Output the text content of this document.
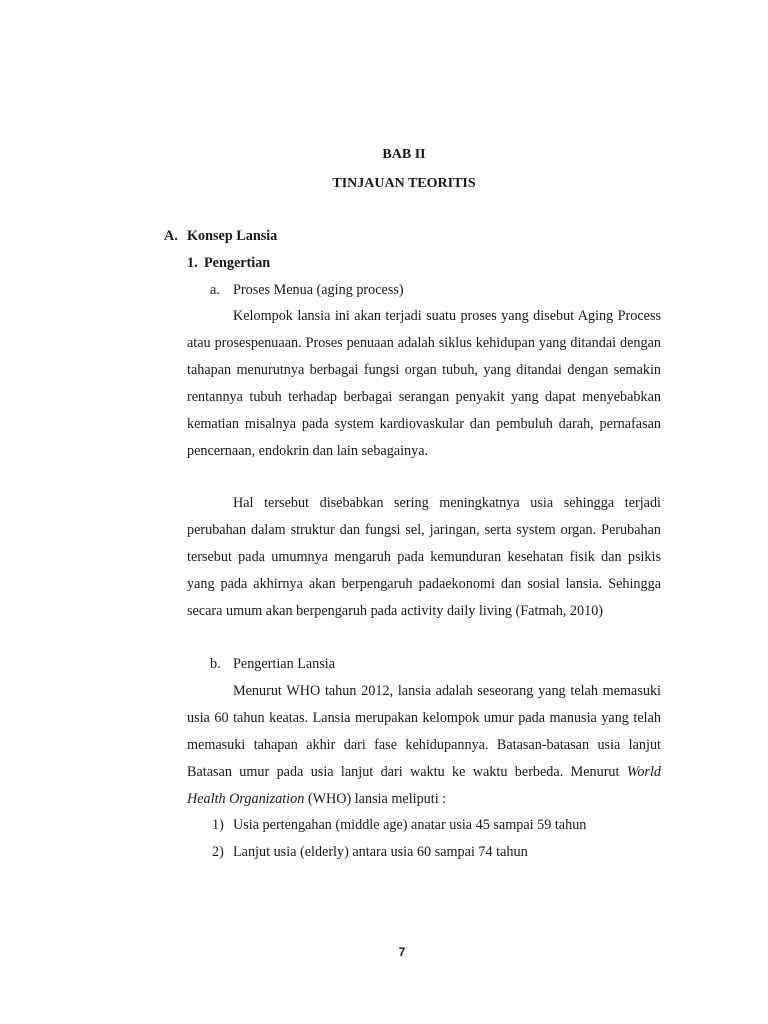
BAB II
TINJAUAN TEORITIS
A. Konsep Lansia
1. Pengertian
a. Proses Menua (aging process)

Kelompok lansia ini akan terjadi suatu proses yang disebut Aging Process atau prosespenuaan. Proses penuaan adalah siklus kehidupan yang ditandai dengan tahapan menurutnya berbagai fungsi organ tubuh, yang ditandai dengan semakin rentannya tubuh terhadap berbagai serangan penyakit yang dapat menyebabkan kematian misalnya pada system kardiovaskular dan pembuluh darah, pernafasan pencernaan, endokrin dan lain sebagainya.

Hal tersebut disebabkan sering meningkatnya usia sehingga terjadi perubahan dalam struktur dan fungsi sel, jaringan, serta system organ. Perubahan tersebut pada umumnya mengaruh pada kemunduran kesehatan fisik dan psikis yang pada akhirnya akan berpengaruh padaekonomi dan sosial lansia. Sehingga secara umum akan berpengaruh pada activity daily living (Fatmah, 2010)

b. Pengertian Lansia

Menurut WHO tahun 2012, lansia adalah seseorang yang telah memasuki usia 60 tahun keatas. Lansia merupakan kelompok umur pada manusia yang telah memasuki tahapan akhir dari fase kehidupannya. Batasan-batasan usia lanjut Batasan umur pada usia lanjut dari waktu ke waktu berbeda. Menurut World Health Organization (WHO) lansia meliputi :

1) Usia pertengahan (middle age) anatar usia 45 sampai 59 tahun
2) Lanjut usia (elderly) antara usia 60 sampai 74 tahun
7
